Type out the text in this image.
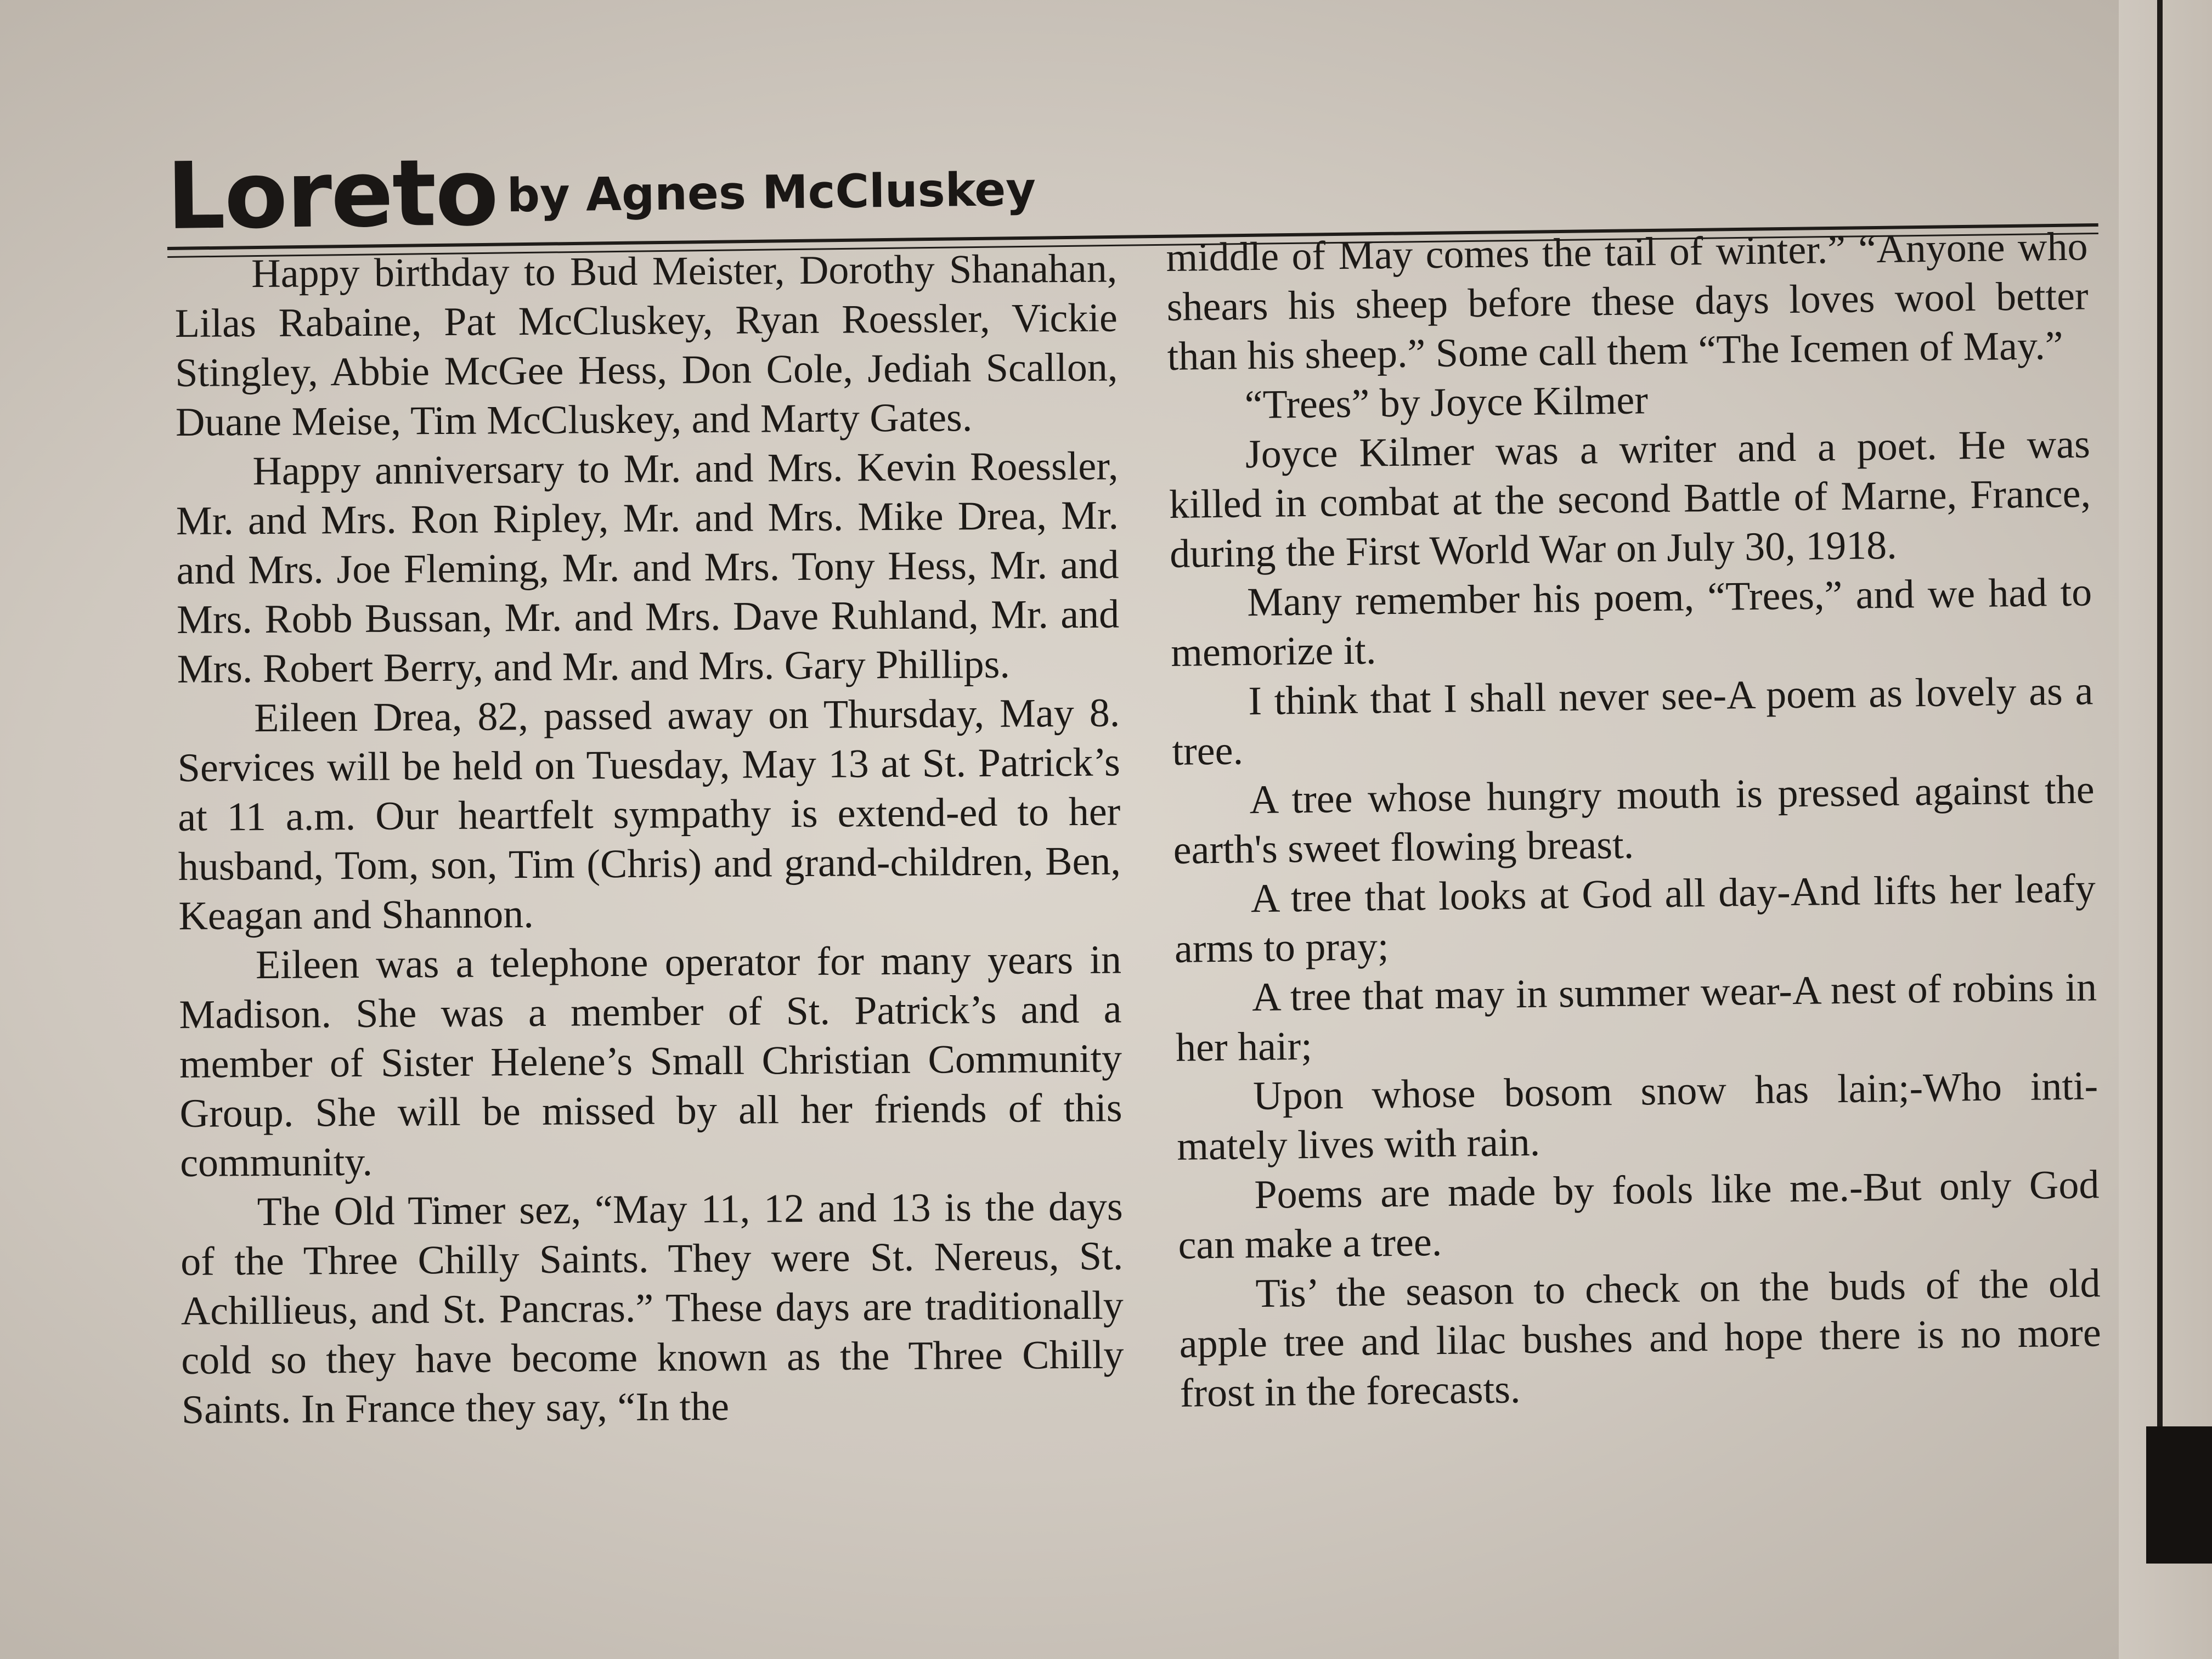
Loreto by Agnes McCluskey

Happy birthday to Bud Meister, Dorothy Shanahan, Lilas Rabaine, Pat McCluskey, Ryan Roessler, Vickie Stingley, Abbie McGee Hess, Don Cole, Jediah Scallon, Duane Meise, Tim McCluskey, and Marty Gates.

Happy anniversary to Mr. and Mrs. Kevin Roessler, Mr. and Mrs. Ron Ripley, Mr. and Mrs. Mike Drea, Mr. and Mrs. Joe Fleming, Mr. and Mrs. Tony Hess, Mr. and Mrs. Robb Bussan, Mr. and Mrs. Dave Ruhland, Mr. and Mrs. Robert Berry, and Mr. and Mrs. Gary Phillips.

Eileen Drea, 82, passed away on Thursday, May 8. Services will be held on Tuesday, May 13 at St. Patrick’s at 11 a.m. Our heartfelt sympathy is extend-ed to her husband, Tom, son, Tim (Chris) and grand-children, Ben, Keagan and Shannon.

Eileen was a telephone operator for many years in Madison. She was a member of St. Patrick’s and a member of Sister Helene’s Small Christian Community Group. She will be missed by all her friends of this community.

The Old Timer sez, “May 11, 12 and 13 is the days of the Three Chilly Saints. They were St. Nereus, St. Achillieus, and St. Pancras.” These days are traditionally cold so they have become known as the Three Chilly Saints. In France they say, “In the

middle of May comes the tail of winter.” “Anyone who shears his sheep before these days loves wool better than his sheep.” Some call them “The Icemen of May.”

“Trees” by Joyce Kilmer

Joyce Kilmer was a writer and a poet. He was killed in combat at the second Battle of Marne, France, during the First World War on July 30, 1918.

Many remember his poem, “Trees,” and we had to memorize it.

I think that I shall never see-A poem as lovely as a tree.

A tree whose hungry mouth is pressed against the earth's sweet flowing breast.

A tree that looks at God all day-And lifts her leafy arms to pray;

A tree that may in summer wear-A nest of robins in her hair;

Upon whose bosom snow has lain;-Who inti-mately lives with rain.

Poems are made by fools like me.-But only God can make a tree.

Tis’ the season to check on the buds of the old apple tree and lilac bushes and hope there is no more frost in the forecasts.
